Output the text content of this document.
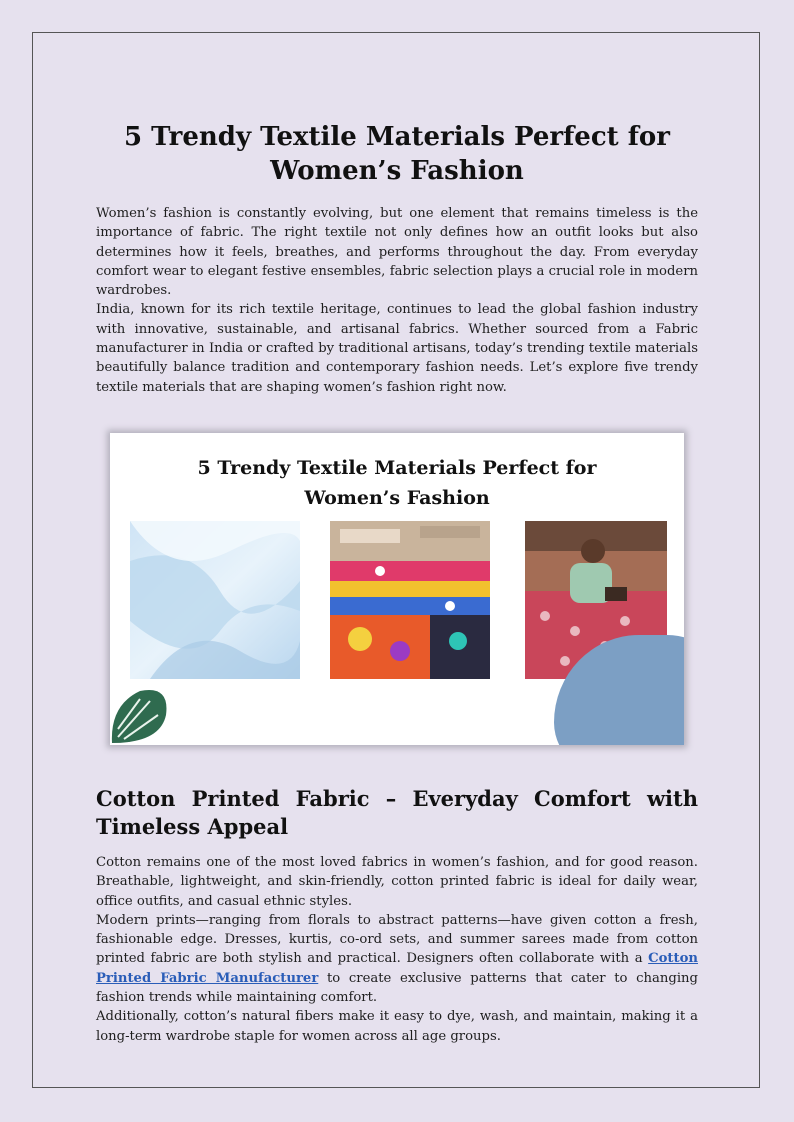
5 Trendy Textile Materials Perfect for Women’s Fashion

Women’s fashion is constantly evolving, but one element that remains timeless is the importance of fabric. The right textile not only defines how an outfit looks but also determines how it feels, breathes, and performs throughout the day. From everyday comfort wear to elegant festive ensembles, fabric selection plays a crucial role in modern wardrobes.

India, known for its rich textile heritage, continues to lead the global fashion industry with innovative, sustainable, and artisanal fabrics. Whether sourced from a Fabric manufacturer in India or crafted by traditional artisans, today’s trending textile materials beautifully balance tradition and contemporary fashion needs. Let’s explore five trendy textile materials that are shaping women’s fashion right now.

5 Trendy Textile Materials Perfect for
Women’s Fashion
Cotton Printed Fabric – Everyday Comfort with Timeless Appeal

Cotton remains one of the most loved fabrics in women’s fashion, and for good reason. Breathable, lightweight, and skin-friendly, cotton printed fabric is ideal for daily wear, office outfits, and casual ethnic styles.

Modern prints—ranging from florals to abstract patterns—have given cotton a fresh, fashionable edge. Dresses, kurtis, co-ord sets, and summer sarees made from cotton printed fabric are both stylish and practical. Designers often collaborate with a Cotton Printed Fabric Manufacturer to create exclusive patterns that cater to changing fashion trends while maintaining comfort.

Additionally, cotton’s natural fibers make it easy to dye, wash, and maintain, making it a long-term wardrobe staple for women across all age groups.
